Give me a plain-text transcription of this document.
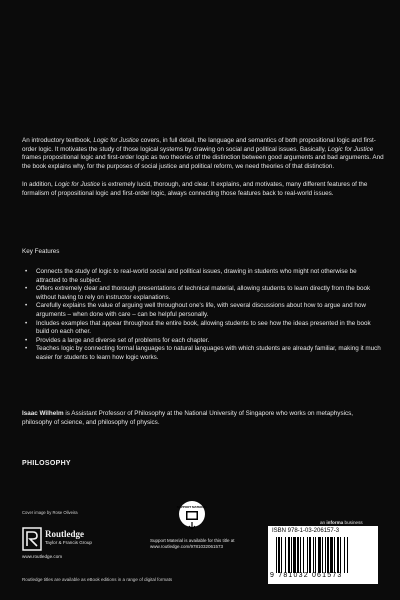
An introductory textbook, Logic for Justice covers, in full detail, the language and semantics of both propositional logic and first-order logic. It motivates the study of those logical systems by drawing on social and political issues. Basically, Logic for Justice frames propositional logic and first-order logic as two theories of the distinction between good arguments and bad arguments. And the book explains why, for the purposes of social justice and political reform, we need theories of that distinction.

In addition, Logic for Justice is extremely lucid, thorough, and clear. It explains, and motivates, many different features of the formalism of propositional logic and first-order logic, always connecting those features back to real-world issues.

Key Features
• Connects the study of logic to real-world social and political issues, drawing in students who might not otherwise be attracted to the subject.
• Offers extremely clear and thorough presentations of technical material, allowing students to learn directly from the book without having to rely on instructor explanations.
• Carefully explains the value of arguing well throughout one's life, with several discussions about how to argue and how arguments – when done with care – can be helpful personally.
• Includes examples that appear throughout the entire book, allowing students to see how the ideas presented in the book build on each other.
• Provides a large and diverse set of problems for each chapter.
• Teaches logic by connecting formal languages to natural languages with which students are already familiar, making it much easier for students to learn how logic works.
Isaac Wilhelm is Assistant Professor of Philosophy at the National University of Singapore who works on metaphysics, philosophy of science, and philosophy of physics.
PHILOSOPHY
Cover image by Rose Oliveira
Routledge
Taylor & Francis Group
www.routledge.com
SUPPORT MATERIAL
Support Material is available for this title at
www.routledge.com/9781032061573
an informa business
ISBN 978-1-03-206157-3
9 781032 061573
Routledge titles are available as eBook editions in a range of digital formats
